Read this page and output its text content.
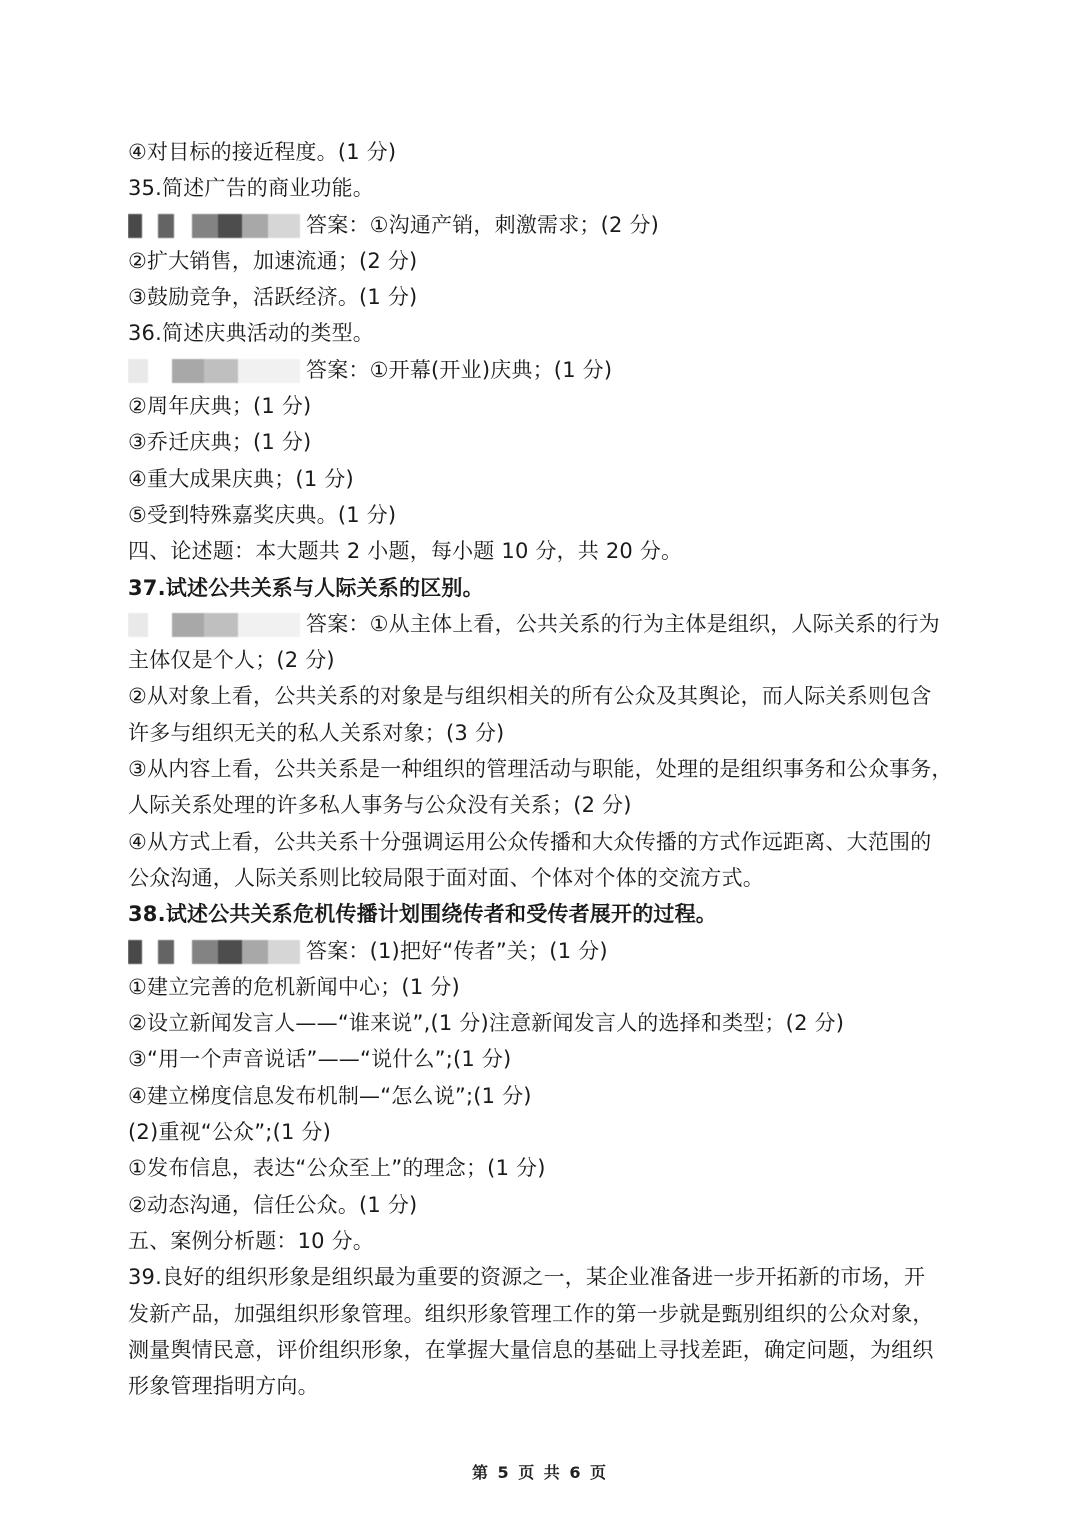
④对目标的接近程度。(1 分)
35.简述广告的商业功能。
答案：①沟通产销，刺激需求；(2 分)
②扩大销售，加速流通；(2 分)
③鼓励竞争，活跃经济。(1 分)
36.简述庆典活动的类型。
答案：①开幕(开业)庆典；(1 分)
②周年庆典；(1 分)
③乔迁庆典；(1 分)
④重大成果庆典；(1 分)
⑤受到特殊嘉奖庆典。(1 分)
四、论述题：本大题共 2 小题，每小题 10 分，共 20 分。
37.试述公共关系与人际关系的区别。
答案：①从主体上看，公共关系的行为主体是组织，人际关系的行为
主体仅是个人；(2 分)
②从对象上看，公共关系的对象是与组织相关的所有公众及其舆论，而人际关系则包含
许多与组织无关的私人关系对象；(3 分)
③从内容上看，公共关系是一种组织的管理活动与职能，处理的是组织事务和公众事务，
人际关系处理的许多私人事务与公众没有关系；(2 分)
④从方式上看，公共关系十分强调运用公众传播和大众传播的方式作远距离、大范围的
公众沟通，人际关系则比较局限于面对面、个体对个体的交流方式。
38.试述公共关系危机传播计划围绕传者和受传者展开的过程。
答案：(1)把好“传者”关；(1 分)
①建立完善的危机新闻中心；(1 分)
②设立新闻发言人——“谁来说”,(1 分)注意新闻发言人的选择和类型；(2 分)
③“用一个声音说话”——“说什么”;(1 分)
④建立梯度信息发布机制—“怎么说”;(1 分)
(2)重视“公众”;(1 分)
①发布信息，表达“公众至上”的理念；(1 分)
②动态沟通，信任公众。(1 分)
五、案例分析题：10 分。
39.良好的组织形象是组织最为重要的资源之一，某企业准备进一步开拓新的市场，开
发新产品，加强组织形象管理。组织形象管理工作的第一步就是甄别组织的公众对象，
测量舆情民意，评价组织形象，在掌握大量信息的基础上寻找差距，确定问题，为组织
形象管理指明方向。
第 5 页 共 6 页
